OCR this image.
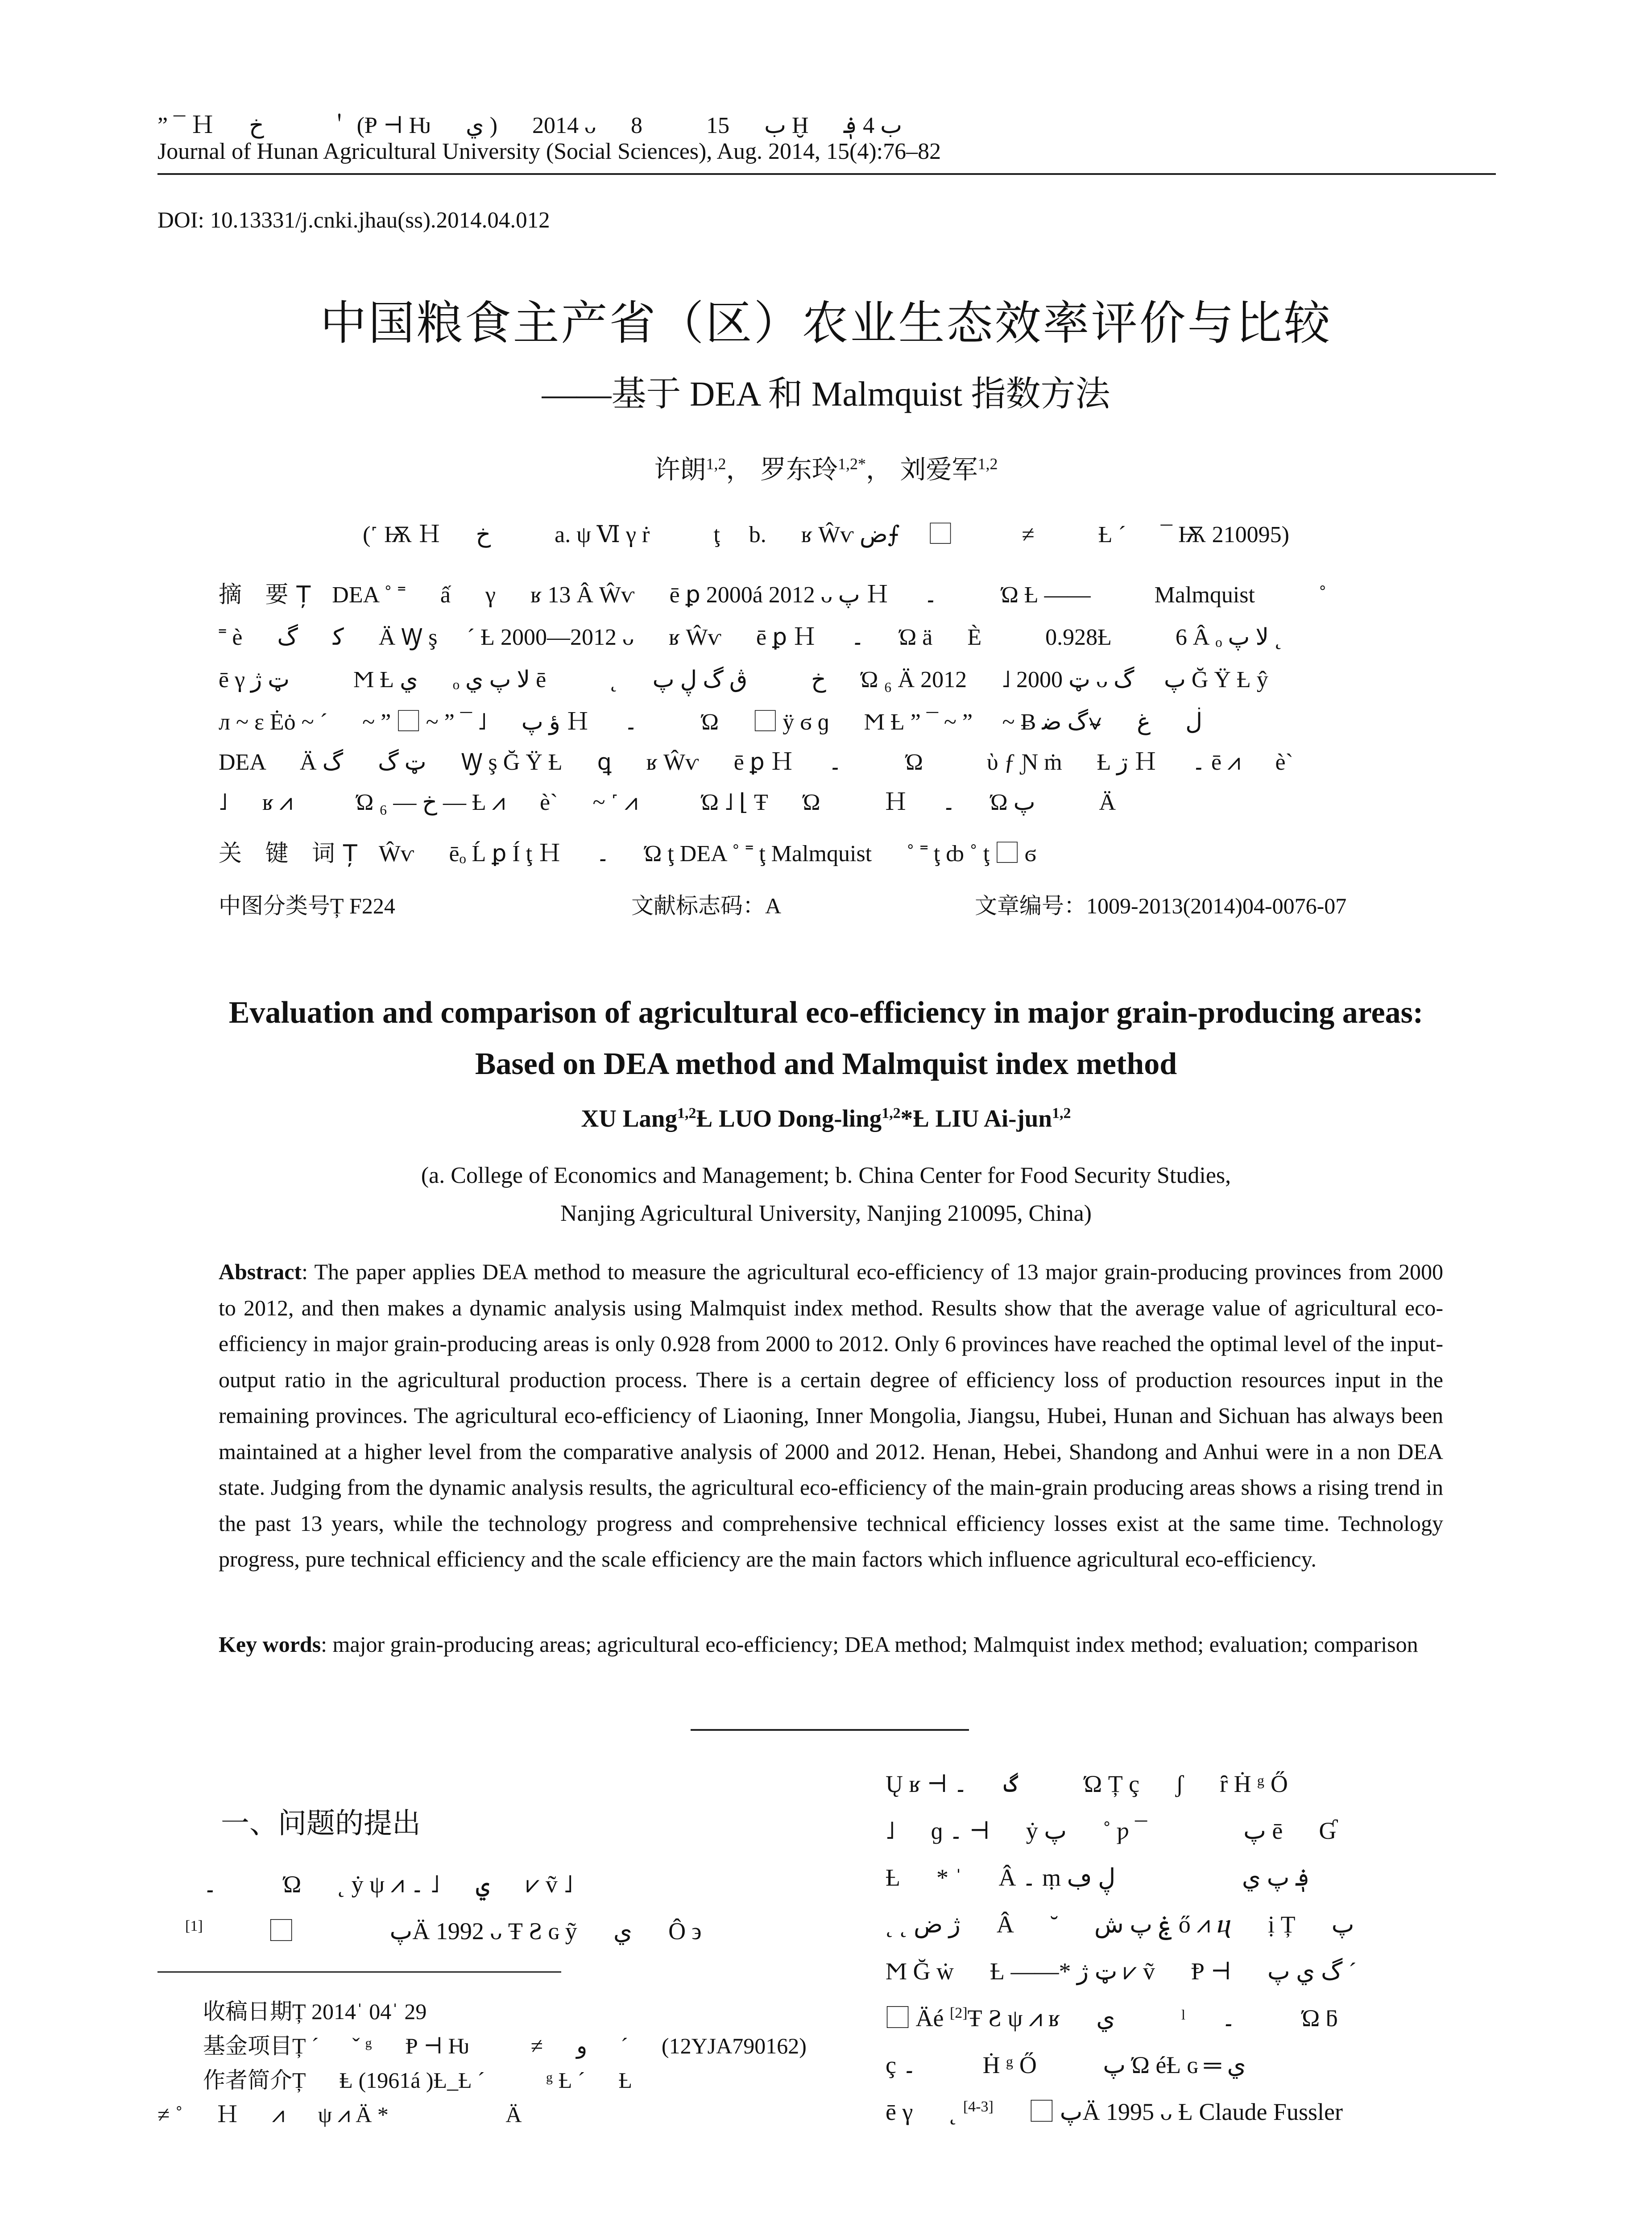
” ¯ Ｈ 　 خ 　 　 ＇ (Ᵽ ⊣ Ƕ 　 ي ) 　 2014 ᴗ 　 8 　 　 ب 　 15 Ḫ 　 ب 4 ؋
Journal of Hunan Agricultural University (Social Sciences), Aug. 2014, 15(4):76–82
DOI: 10.13331/j.cnki.jhau(ss).2014.04.012
中国粮食主产省（区）农业生态效率评价与比较
——基于 DEA 和 Malmquist 指数方法
许朗$^{1,2}$， 罗东玲$^{1,2*}$， 刘爱军$^{1,2}$
(˹ Ѭ Ｈ 　 خ 　 　 a. ψ Ⅵ γ ṙ 　 　 ţ　 b. 　 ʁ Ŵѵ ض⨍ 　 ⃞ 　 　 ≠ 　 　 Ƚ ˊ 　 ¯ Ѭ 210095)
摘 要Ț DEA ˚ ˭ 　 ấ 　 γ 　 ʁ 13 Â Ŵѵ 　 ē ꝑ 2000á 2012 ᴗ پ Ｈ 　 ۔ 　 　 Ώ Ƚ —— 　 　 Malmquist 　 　 ˚
˭ è 　 ﮐ 　 گ 　 Ä Ꝡ ş ⃞ ˊ Ƚ 2000—2012 ᴗ 　 ʁ Ŵѵ 　 ē ꝑ Ｈ 　 ۔ 　 Ώ ä 　 È 　 　 0.928Ƚ 　 　 6 Â ₒ ﻻ پ ˛
ē γ ټ ژ 　 　 Ϻ Ƚ ي 　 ₒ ﻻ پ ي ē 　 　 ˛ 　 خ 　 　 ڨ گ ڸ پ 　 Ώ ₆ Ä ټ 2000 ˩ 　 2012 ᴗ پ ⃞ گ Ğ Ÿ Ƚ ŷ
л ~ ε Ėȯ ~ ˊ 　 ~ ˮ ⃞ ~ ˮ ¯ ˩ 　 ؤ پ Ｈ 　 ۔ 　 　 Ώ 　 ⃞ ÿ ϭ ɡ 　 Ϻ Ƚ ˮ ¯ ~ ˮ ⃞ ~ Ƀ گ ﺿ⍱ 　 ڶ 　 غ
DEA 　 Ä ټ گ 　 گ 　 Ꝡ ş Ğ Ÿ Ƚ 　 ꝗ 　 ʁ Ŵѵ 　 ē ꝑ Ｈ 　 ۔ 　 　 Ώ 　 　 ὺ ƒ Ɲ ṁ 　 Ƚ ڗ Ｈ 　 ۔ ē ⩘ 　 è`
˩ 　 ʁ ⩘ 　 　 Ώ ₆ — خ — Ƚ ⩘ 　 è` 　 ~ ˹ ⩘ 　 　 Ώ ˩ ⌊ Ŧ 　 Ώ 　 　 Ｈ 　 ۔ 　 Ώ پ 　 　 Ä
关 键 词Ț Ŵѵ 　 ēₒ Ĺ ꝑ Í ţ Ｈ 　 ۔ 　 Ώ ţ DEA ˚ ˭ ţ Malmquist 　 ˚ ˭ ţ ȸ ˚ ţ ⃞ ϭ
中图分类号Ț F224	文献标志码：A	文章编号：1009-2013(2014)04-0076-07
Evaluation and comparison of agricultural eco-efficiency in major grain-producing areas:
Based on DEA method and Malmquist index method
XU Lang$^{1,2}$Ƚ LUO Dong-ling$^{1,2}$*Ƚ LIU Ai-jun$^{1,2}$
(a. College of Economics and Management; b. China Center for Food Security Studies,
Nanjing Agricultural University, Nanjing 210095, China)
Abstract: The paper applies DEA method to measure the agricultural eco-efficiency of 13 major grain-producing provinces from 2000 to 2012, and then makes a dynamic analysis using Malmquist index method. Results show that the average value of agricultural eco-efficiency in major grain-producing areas is only 0.928 from 2000 to 2012. Only 6 provinces have reached the optimal level of the input-output ratio in the agricultural production process. There is a certain degree of efficiency loss of production resources input in the remaining provinces. The agricultural eco-efficiency of Liaoning, Inner Mongolia, Jiangsu, Hubei, Hunan and Sichuan has always been maintained at a higher level from the comparative analysis of 2000 and 2012. Henan, Hebei, Shandong and Anhui were in a non DEA state. Judging from the dynamic analysis results, the agricultural eco-efficiency of the main-grain producing areas shows a rising trend in the past 13 years, while the technology progress and comprehensive technical efficiency losses exist at the same time. Technology progress, pure technical efficiency and the scale efficiency are the main factors which influence agricultural eco-efficiency.
Key words: major grain-producing areas; agricultural eco-efficiency; DEA method; Malmquist index method; evaluation; comparison
一、问题的提出
۔ 　 　 Ώ 　 ˛ ẏ ψ ⩘ ي 　 ˩ ۔ 　 ⩗ ṽ ˩
پ 　 　 　 ⃞ 　 　 [1]	Ä 1992 ᴗ Ŧ Ƨ ɢ ỹ 　 ي 　 Ô ϶
收稿日期Ț 2014ˈ 04ˈ 29
基金项目Ț ˊ 　 ˇ ᵍ 　 Ᵽ ⊣ Ƕ 　 　 ≠ 　 و 　 ˊ 　 (12YJA790162)
作者简介Ț 　 Ⱡ (1961á )Ƚ_Ƚ ˊ 　 　 ᵍ Ƚ ˊ 　 Ƚ
≠ ˚ 　 Ｈ 　 ⩘ 　 ψ ⩘ Ä * 　 　 　 　 Ä
Ų ʁ ⊣ گ 　 ۔ 　 　 Ώ Ț ç 　 ʃ 　 ȓ Ḣ ᵍ Ő
˩ 　 ɡ ۔ ⊣ 　 ẏ پ 　 ˚ ƿ ¯ 　 　 　 پ ē 　 Ɠ
Ƚ 　 * ˈ 　 Â ۔ ṃ ؋ پ ي 　 　 　 　 ڸ ڢ
˛ ˛ ژ ض 　 Â 　 ˘ 　 ۼ پ ش ő ⩘ ⴗ 　 ị Ț 　 پ
Ϻ Ğ ẇ 　 Ƚ ——* ټ ژ ⩗ ṽ 　 Ᵽ ⊣ 　 گ ي پ ˊ
⃞ Äé [2]Ŧ Ƨ ψ ⩘ ʁ 　 ي 　 　 ˡ 　 ۔ 　 　 Ώ ƃ
ç ۔ 　 　 Ḣ ᵍ Ő 　 　 پ Ώ éȽ ɢ ═ ي
ē γ 　 ˛ پ ⃞ 　 [3-4]	Ä 1995 ᴗ Ƚ Claude Fussler
